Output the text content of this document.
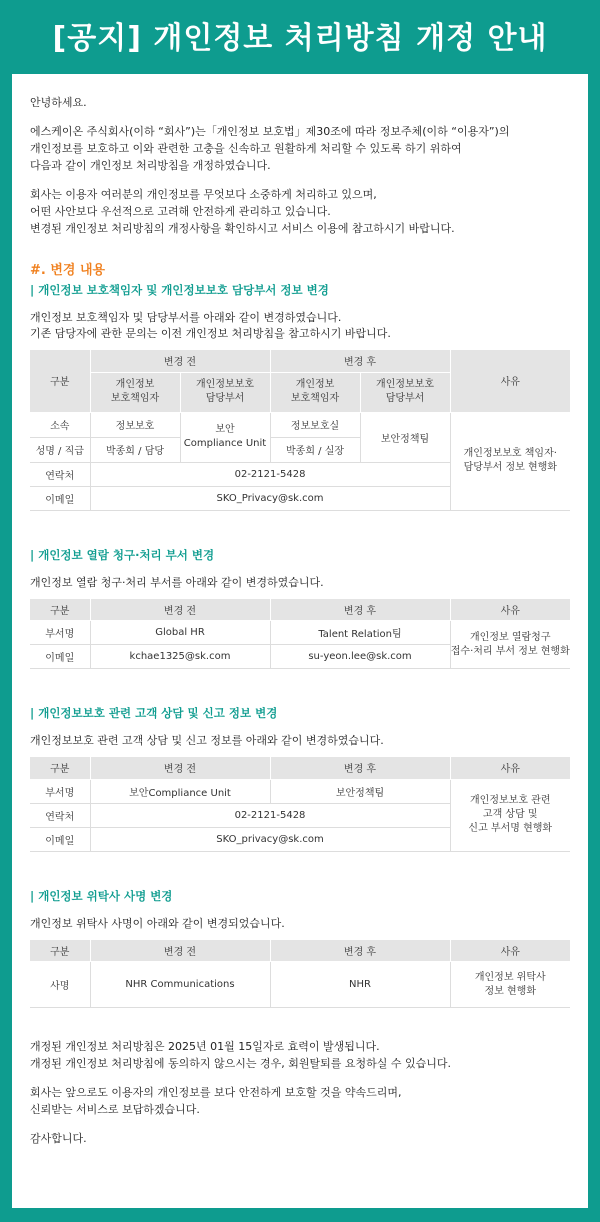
[공지] 개인정보 처리방침 개정 안내

안녕하세요.

에스케이온 주식회사(이하 “회사”)는「개인정보 보호법」제30조에 따라 정보주체(이하 “이용자”)의
개인정보를 보호하고 이와 관련한 고충을 신속하고 원활하게 처리할 수 있도록 하기 위하여
다음과 같이 개인정보 처리방침을 개정하였습니다.

회사는 이용자 여러분의 개인정보를 무엇보다 소중하게 처리하고 있으며,
어떤 사안보다 우선적으로 고려해 안전하게 관리하고 있습니다.
변경된 개인정보 처리방침의 개정사항을 확인하시고 서비스 이용에 참고하시기 바랍니다.

#. 변경 내용
| 개인정보 보호책임자 및 개인정보보호 담당부서 정보 변경
개인정보 보호책임자 및 담당부서를 아래와 같이 변경하였습니다.
기존 담당자에 관한 문의는 이전 개인정보 처리방침을 참고하시기 바랍니다.
구분	변경 전		변경 후		사유

	개인정보
보호책임자	개인정보보호
담당부서	개인정보
보호책임자	개인정보보호
담당부서	

소속	정보보호	보안
Compliance Unit	정보보호실	보안정책팀	개인정보보호 책임자·
담당부서 정보 현행화

성명 / 직급	박종희 / 담당		박종희 / 실장		
연락처	02-2121-5428				
이메일	SKO_Privacy@sk.com				
| 개인정보 열람 청구·처리 부서 변경
개인정보 열람 청구·처리 부서를 아래와 같이 변경하였습니다.
구분	변경 전	변경 후	사유
부서명	Global HR	Talent Relation팀	개인정보 열람청구
접수·처리 부서 정보 현행화

이메일	kchae1325@sk.com	su-yeon.lee@sk.com	
| 개인정보보호 관련 고객 상담 및 신고 정보 변경
개인정보보호 관련 고객 상담 및 신고 정보를 아래와 같이 변경하였습니다.
구분	변경 전	변경 후	사유
부서명	보안Compliance Unit	보안정책팀	개인정보보호 관련
고객 상담 및
신고 부서명 현행화

연락처	02-2121-5428		
이메일	SKO_privacy@sk.com		
| 개인정보 위탁사 사명 변경
개인정보 위탁사 사명이 아래와 같이 변경되었습니다.
구분	변경 전	변경 후	사유
사명	NHR Communications	NHR	개인정보 위탁사
정보 현행화

개정된 개인정보 처리방침은 2025년 01월 15일자로 효력이 발생됩니다.
개정된 개인정보 처리방침에 동의하지 않으시는 경우, 회원탈퇴를 요청하실 수 있습니다.

회사는 앞으로도 이용자의 개인정보를 보다 안전하게 보호할 것을 약속드리며,
신뢰받는 서비스로 보답하겠습니다.

감사합니다.
